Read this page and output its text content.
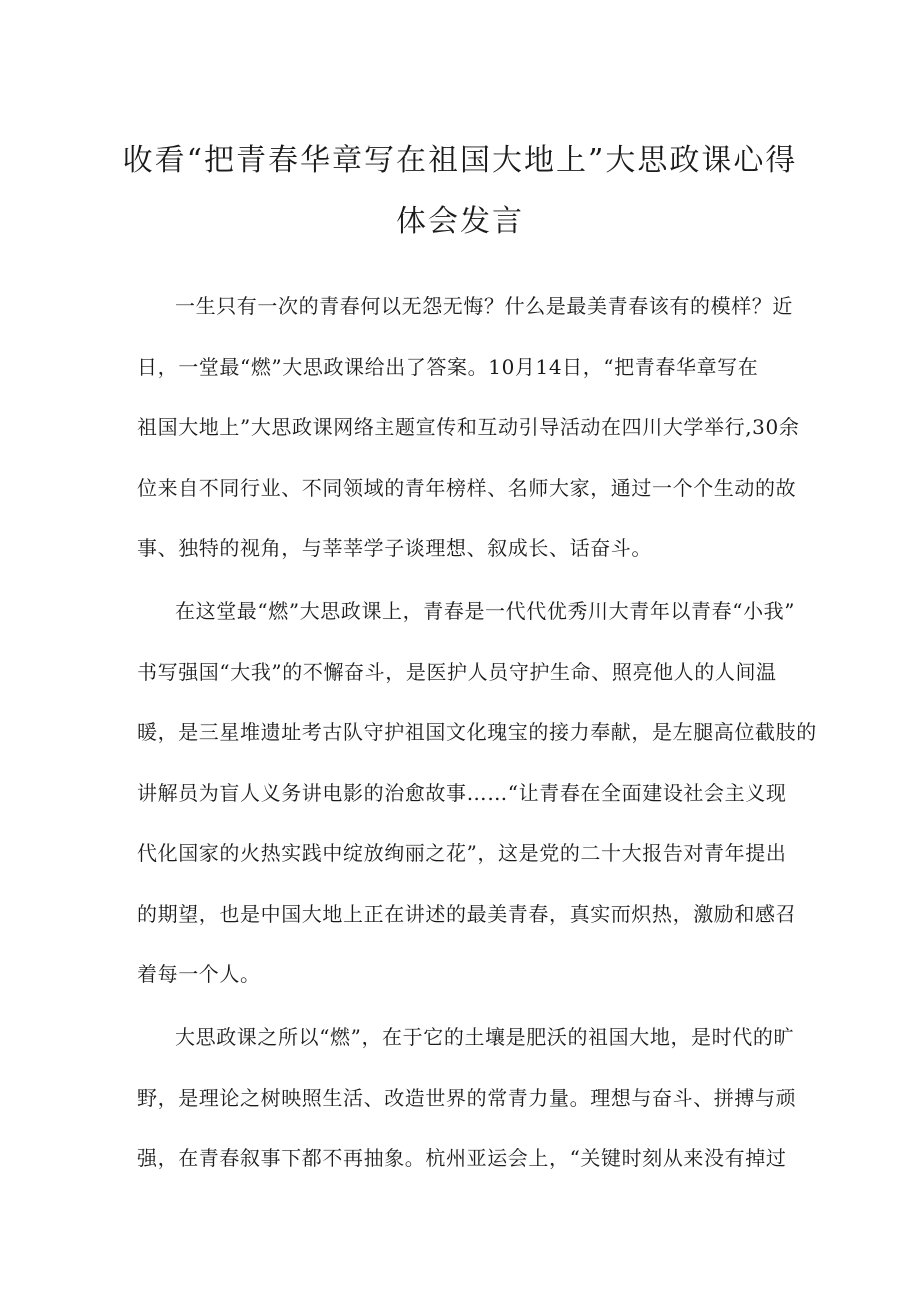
收看“把青春华章写在祖国大地上”大思政课心得
体会发言
一生只有一次的青春何以无怨无悔？什么是最美青春该有的模样？近
日，一堂最“燃”大思政课给出了答案。10月14日，“把青春华章写在
祖国大地上”大思政课网络主题宣传和互动引导活动在四川大学举行,30余
位来自不同行业、不同领域的青年榜样、名师大家，通过一个个生动的故
事、独特的视角，与莘莘学子谈理想、叙成长、话奋斗。
在这堂最“燃”大思政课上，青春是一代代优秀川大青年以青春“小我”
书写强国“大我”的不懈奋斗，是医护人员守护生命、照亮他人的人间温
暖，是三星堆遗址考古队守护祖国文化瑰宝的接力奉献，是左腿高位截肢的
讲解员为盲人义务讲电影的治愈故事……“让青春在全面建设社会主义现
代化国家的火热实践中绽放绚丽之花”，这是党的二十大报告对青年提出
的期望，也是中国大地上正在讲述的最美青春，真实而炽热，激励和感召
着每一个人。
大思政课之所以“燃”，在于它的土壤是肥沃的祖国大地，是时代的旷
野，是理论之树映照生活、改造世界的常青力量。理想与奋斗、拼搏与顽
强，在青春叙事下都不再抽象。杭州亚运会上，“关键时刻从来没有掉过
